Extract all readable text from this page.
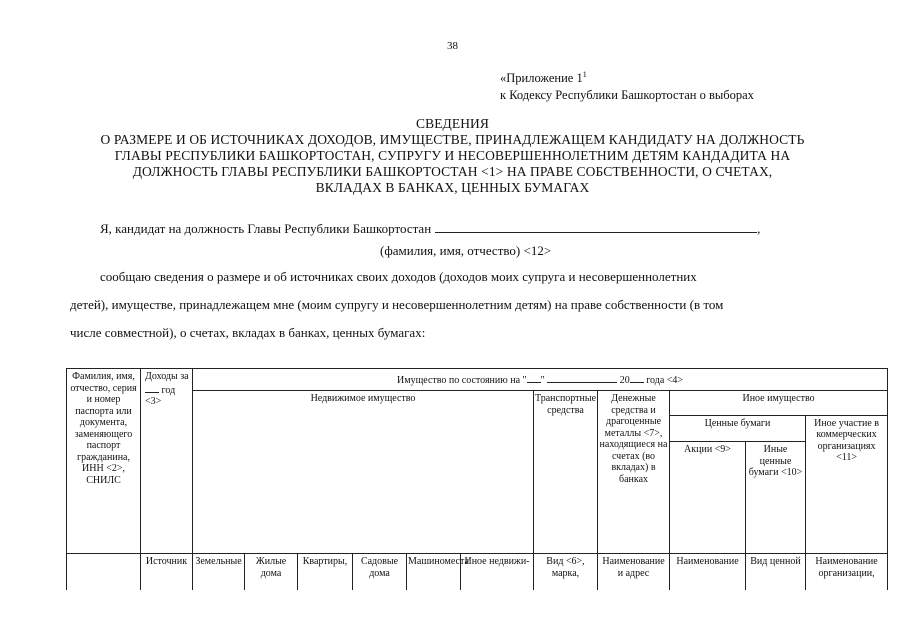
38
«Приложение $1^1$
к Кодексу Республики Башкортостан о выборах
СВЕДЕНИЯ
О РАЗМЕРЕ И ОБ ИСТОЧНИКАХ ДОХОДОВ, ИМУЩЕСТВЕ, ПРИНАДЛЕЖАЩЕМ КАНДИДАТУ НА ДОЛЖНОСТЬ
ГЛАВЫ РЕСПУБЛИКИ БАШКОРТОСТАН, СУПРУГУ И НЕСОВЕРШЕННОЛЕТНИМ ДЕТЯМ КАНДАДИТА НА
ДОЛЖНОСТЬ ГЛАВЫ РЕСПУБЛИКИ БАШКОРТОСТАН <1> НА ПРАВЕ СОБСТВЕННОСТИ, О СЧЕТАХ,
ВКЛАДАХ В БАНКАХ, ЦЕННЫХ БУМАГАХ
Я, кандидат на должность Главы Республики Башкортостан	,
(фамилия, имя, отчество) <12>
сообщаю сведения о размере и об источниках своих доходов (доходов моих супруга и несовершеннолетних
детей), имуществе, принадлежащем мне (моим супругу и несовершеннолетним детям) на праве собственности (в том
числе совместной), о счетах, вкладах в банках, ценных бумагах:
Фамилия, имя, отчество, серия и номер паспорта или документа, заменяющего паспорт гражданина, ИНН <2>, СНИЛС	Доходы за  год <3>	Имущество по состоянию на " " 20 года <4>										
		Недвижимое имущество						Транспортные средства	Денежные средства и драгоценные металлы <7>, находящиеся на счетах (во вкладах) в банках	Иное имущество		
										Ценные бумаги		Иное участие в коммерческих организациях <11>
										Акции <9>	Иные ценные бумаги <10>	
	Источник	Земельные	Жилые дома	Квартиры,	Садовые дома	Машиноместа	Иное недвижи-	Вид <6>, марка,	Наименование и адрес	Наименование	Вид ценной	Наименование организации,
